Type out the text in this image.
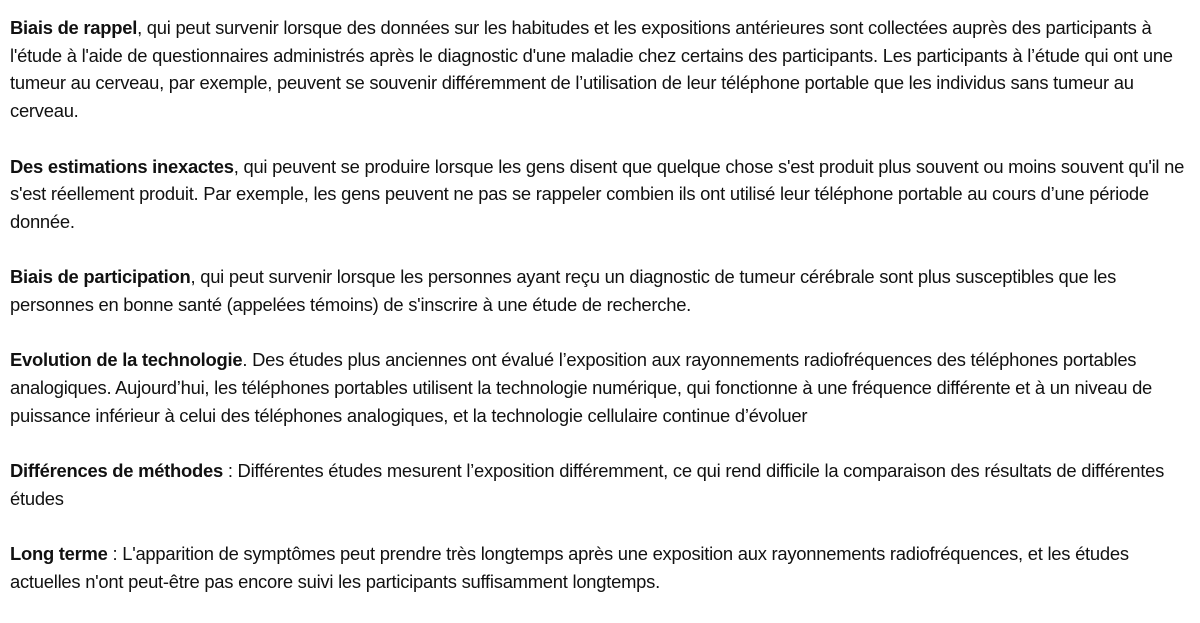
Biais de rappel, qui peut survenir lorsque des données sur les habitudes et les expositions antérieures sont collectées auprès des participants à l'étude à l'aide de questionnaires administrés après le diagnostic d'une maladie chez certains des participants. Les participants à l’étude qui ont une tumeur au cerveau, par exemple, peuvent se souvenir différemment de l’utilisation de leur téléphone portable que les individus sans tumeur au cerveau.

Des estimations inexactes, qui peuvent se produire lorsque les gens disent que quelque chose s'est produit plus souvent ou moins souvent qu'il ne s'est réellement produit. Par exemple, les gens peuvent ne pas se rappeler combien ils ont utilisé leur téléphone portable au cours d’une période donnée.

Biais de participation, qui peut survenir lorsque les personnes ayant reçu un diagnostic de tumeur cérébrale sont plus susceptibles que les personnes en bonne santé (appelées témoins) de s'inscrire à une étude de recherche.

Evolution de la technologie. Des études plus anciennes ont évalué l’exposition aux rayonnements radiofréquences des téléphones portables analogiques. Aujourd’hui, les téléphones portables utilisent la technologie numérique, qui fonctionne à une fréquence différente et à un niveau de puissance inférieur à celui des téléphones analogiques, et la technologie cellulaire continue d’évoluer

Différences de méthodes : Différentes études mesurent l’exposition différemment, ce qui rend difficile la comparaison des résultats de différentes études

Long terme : L'apparition de symptômes peut prendre très longtemps après une exposition aux rayonnements radiofréquences, et les études actuelles n'ont peut-être pas encore suivi les participants suffisamment longtemps.
